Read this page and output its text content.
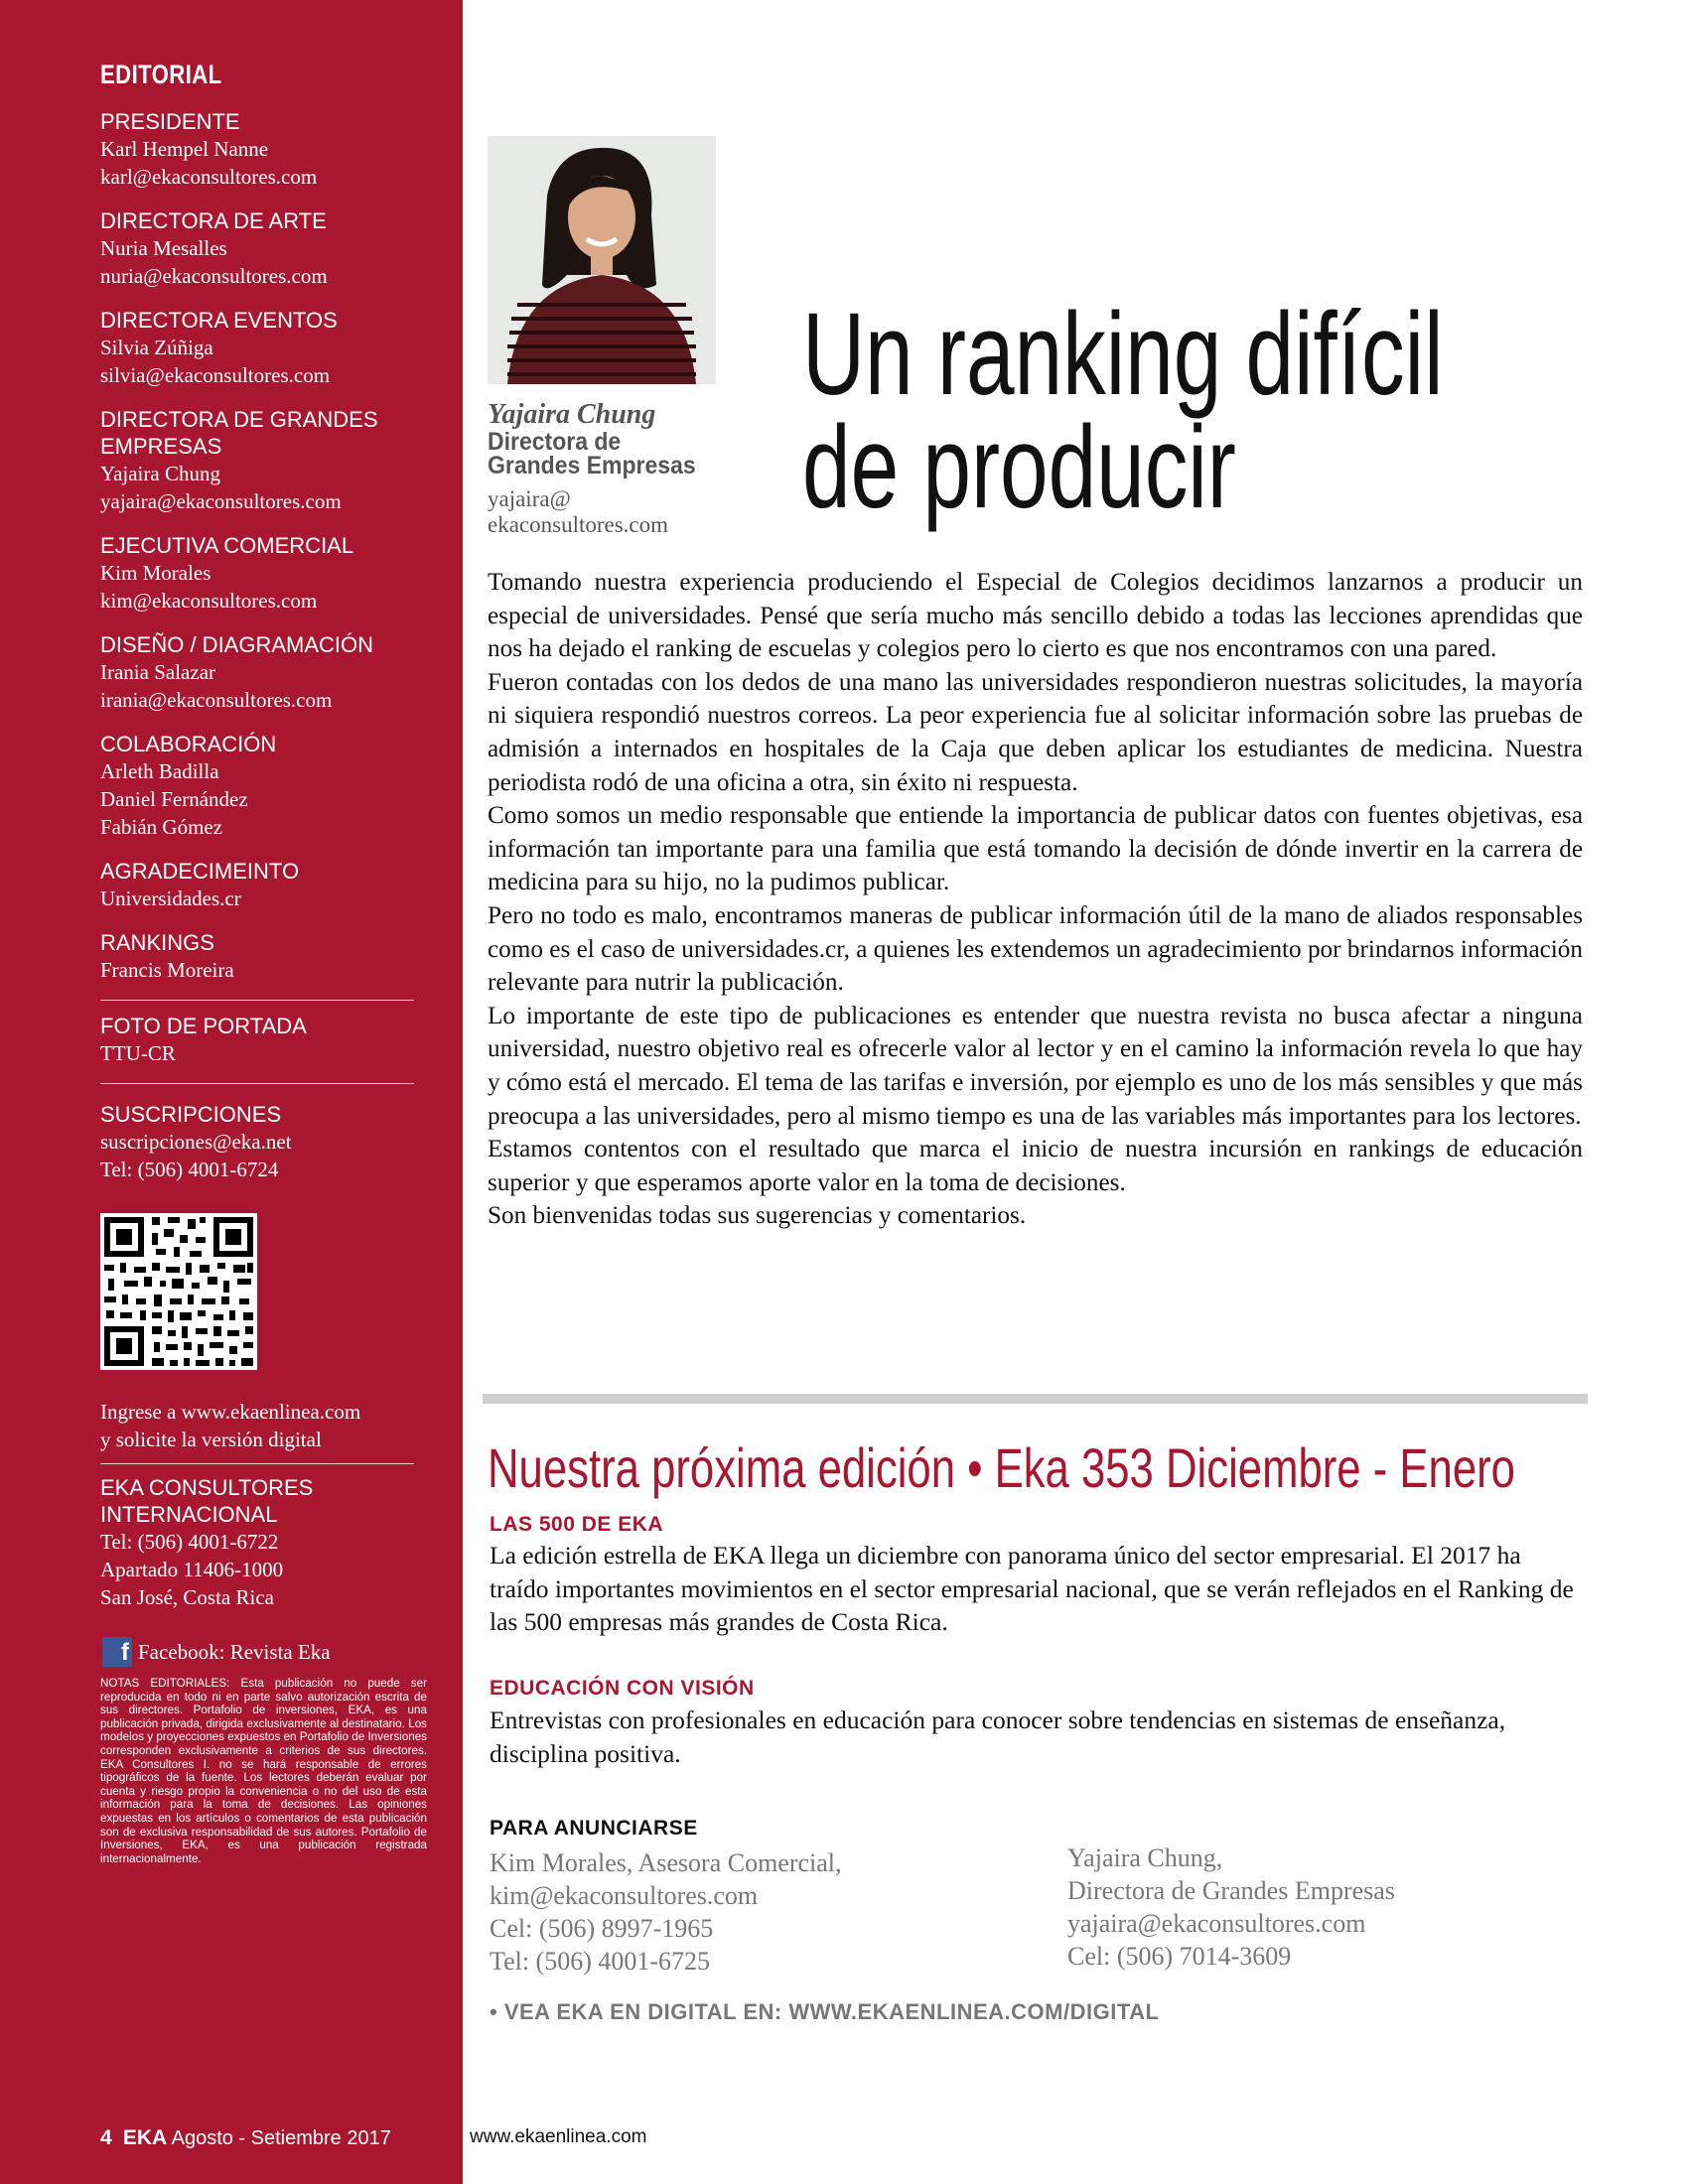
EDITORIAL
PRESIDENTE
Karl Hempel Nanne
karl@ekaconsultores.com
DIRECTORA DE ARTE
Nuria Mesalles
nuria@ekaconsultores.com
DIRECTORA EVENTOS
Silvia Zúñiga
silvia@ekaconsultores.com
DIRECTORA DE GRANDES EMPRESAS
Yajaira Chung
yajaira@ekaconsultores.com
EJECUTIVA COMERCIAL
Kim Morales
kim@ekaconsultores.com
DISEÑO / DIAGRAMACIÓN
Irania Salazar
irania@ekaconsultores.com
COLABORACIÓN
Arleth Badilla
Daniel Fernández
Fabián Gómez
AGRADECIMEINTO
Universidades.cr
RANKINGS
Francis Moreira
FOTO DE PORTADA
TTU-CR
SUSCRIPCIONES
suscripciones@eka.net
Tel: (506) 4001-6724
Ingrese a www.ekaenlinea.com
y solicite la versión digital
EKA CONSULTORES INTERNACIONAL
Tel: (506) 4001-6722
Apartado 11406-1000
San José, Costa Rica
f Facebook: Revista Eka
NOTAS EDITORIALES: Esta publicación no puede ser reproducida en todo ni en parte salvo autorización escrita de sus directores. Portafolio de inversiones, EKA, es una publicación privada, dirigida exclusivamente al destinatario. Los modelos y proyecciones expuestos en Portafolio de Inversiones corresponden exclusivamente a criterios de sus directores. EKA Consultores I. no se hará responsable de errores tipográficos de la fuente. Los lectores deberán evaluar por cuenta y riesgo propio la conveniencia o no del uso de esta información para la toma de decisiones. Las opiniones expuestas en los artículos o comentarios de esta publicación son de exclusiva responsabilidad de sus autores. Portafolio de Inversiones, EKA, es una publicación registrada internacionalmente.
4 EKA Agosto - Setiembre 2017	www.ekaenlinea.com
Yajaira Chung
Directora de
Grandes Empresas
yajaira@
ekaconsultores.com
Un ranking difícil
de producir

Tomando nuestra experiencia produciendo el Especial de Colegios decidimos lanzarnos a producir un especial de universidades. Pensé que sería mucho más sencillo debido a todas las lecciones aprendidas que nos ha dejado el ranking de escuelas y colegios pero lo cierto es que nos encontramos con una pared.

Fueron contadas con los dedos de una mano las universidades respondieron nuestras solicitudes, la mayoría ni siquiera respondió nuestros correos. La peor experiencia fue al solicitar información sobre las pruebas de admisión a internados en hospitales de la Caja que deben aplicar los estudiantes de medicina. Nuestra periodista rodó de una oficina a otra, sin éxito ni respuesta.

Como somos un medio responsable que entiende la importancia de publicar datos con fuentes objetivas, esa información tan importante para una familia que está tomando la decisión de dónde invertir en la carrera de medicina para su hijo, no la pudimos publicar.

Pero no todo es malo, encontramos maneras de publicar información útil de la mano de aliados responsables como es el caso de universidades.cr, a quienes les extendemos un agradecimiento por brindarnos información relevante para nutrir la publicación.

Lo importante de este tipo de publicaciones es entender que nuestra revista no busca afectar a ninguna universidad, nuestro objetivo real es ofrecerle valor al lector y en el camino la información revela lo que hay y cómo está el mercado. El tema de las tarifas e inversión, por ejemplo es uno de los más sensibles y que más preocupa a las universidades, pero al mismo tiempo es una de las variables más importantes para los lectores.

Estamos contentos con el resultado que marca el inicio de nuestra incursión en rankings de educación superior y que esperamos aporte valor en la toma de decisiones.

Son bienvenidas todas sus sugerencias y comentarios.

Nuestra próxima edición • Eka 353 Diciembre - Enero
LAS 500 DE EKA
La edición estrella de EKA llega un diciembre con panorama único del sector empresarial. El 2017 ha traído importantes movimientos en el sector empresarial nacional, que se verán reflejados en el Ranking de las 500 empresas más grandes de Costa Rica.
EDUCACIÓN CON VISIÓN
Entrevistas con profesionales en educación para conocer sobre tendencias en sistemas de enseñanza, disciplina positiva.
PARA ANUNCIARSE
Kim Morales, Asesora Comercial,
kim@ekaconsultores.com
Cel: (506) 8997-1965
Tel: (506) 4001-6725
Yajaira Chung,
Directora de Grandes Empresas
yajaira@ekaconsultores.com
Cel: (506) 7014-3609
• VEA EKA EN DIGITAL EN: WWW.EKAENLINEA.COM/DIGITAL
